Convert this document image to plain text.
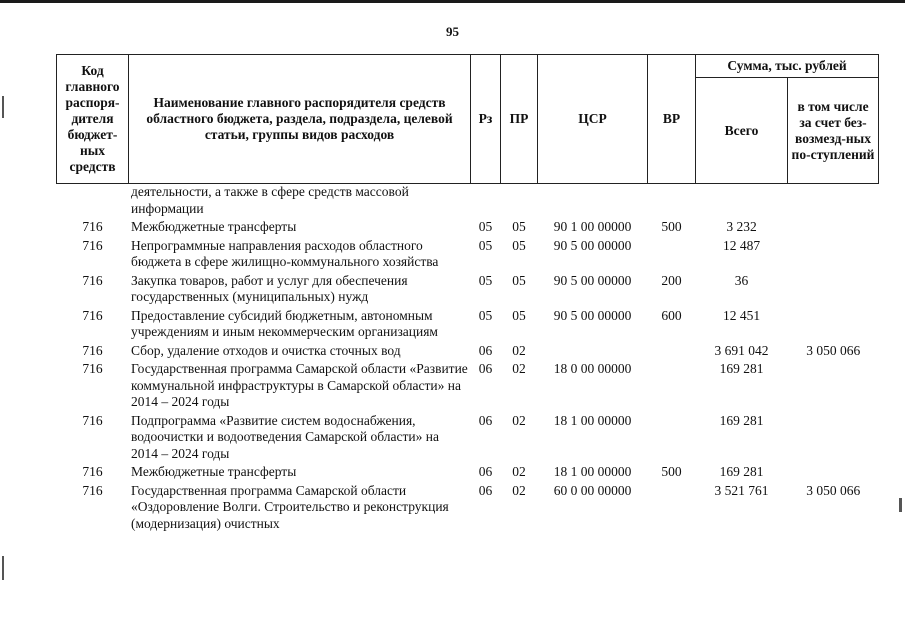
95
Код главного распоря-дителя бюджет-ных средств	Наименование главного распорядителя средств областного бюджета, раздела, подраздела, целевой статьи, группы видов расходов	Рз	ПР	ЦСР	ВР	Сумма, тыс. рублей	
						Всего	в том числе за счет без-возмезд-ных по-ступлений
	деятельности, а также в сфере средств массовой информации						
716	Межбюджетные трансферты	05	05	90 1 00 00000	500	3 232	
716	Непрограммные направления расходов областного бюджета в сфере жилищно-коммунального хозяйства	05	05	90 5 00 00000		12 487	
716	Закупка товаров, работ и услуг для обеспечения государственных (муниципальных) нужд	05	05	90 5 00 00000	200	36	
716	Предоставление субсидий бюджетным, автономным учреждениям и иным некоммерческим организациям	05	05	90 5 00 00000	600	12 451	
716	Сбор, удаление отходов и очистка сточных вод	06	02			3 691 042	3 050 066
716	Государственная программа Самарской области «Развитие коммунальной инфраструктуры в Самарской области» на 2014 – 2024 годы	06	02	18 0 00 00000		169 281	
716	Подпрограмма «Развитие систем водоснабжения, водоочистки и водоотведения Самарской области» на 2014 – 2024 годы	06	02	18 1 00 00000		169 281	
716	Межбюджетные трансферты	06	02	18 1 00 00000	500	169 281	
716	Государственная программа Самарской области «Оздоровление Волги. Строительство и реконструкция (модернизация) очистных	06	02	60 0 00 00000		3 521 761	3 050 066
